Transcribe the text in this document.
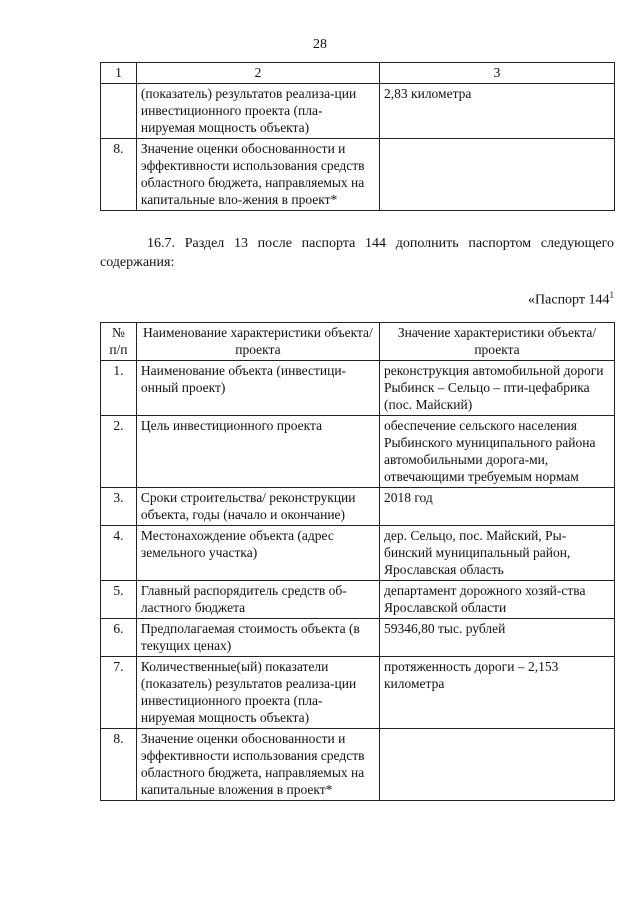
28
1	2	3
	(показатель) результатов реализа-ции инвестиционного проекта (пла-нируемая мощность объекта)	2,83 километра
8.	Значение оценки обоснованности и эффективности использования средств областного бюджета, направляемых на капитальные вло-жения в проект*	
16.7. Раздел 13 после паспорта 144 дополнить паспортом следующего содержания:
«Паспорт $144^1$
№ п/п	Наименование характеристики объекта/проекта	Значение характеристики объекта/проекта
1.	Наименование объекта (инвестици-онный проект)	реконструкция автомобильной дороги Рыбинск – Сельцо – пти-цефабрика (пос. Майский)
2.	Цель инвестиционного проекта	обеспечение сельского населения Рыбинского муниципального района автомобильными дорога-ми, отвечающими требуемым нормам
3.	Сроки строительства/ реконструкции объекта, годы (начало и окончание)	2018 год
4.	Местонахождение объекта (адрес земельного участка)	дер. Сельцо, пос. Майский, Ры-бинский муниципальный район, Ярославская область
5.	Главный распорядитель средств об-ластного бюджета	департамент дорожного хозяй-ства Ярославской области
6.	Предполагаемая стоимость объекта (в текущих ценах)	59346,80 тыс. рублей
7.	Количественные(ый) показатели (показатель) результатов реализа-ции инвестиционного проекта (пла-нируемая мощность объекта)	протяженность дороги – 2,153 километра
8.	Значение оценки обоснованности и эффективности использования средств областного бюджета, направляемых на капитальные вложения в проект*	
